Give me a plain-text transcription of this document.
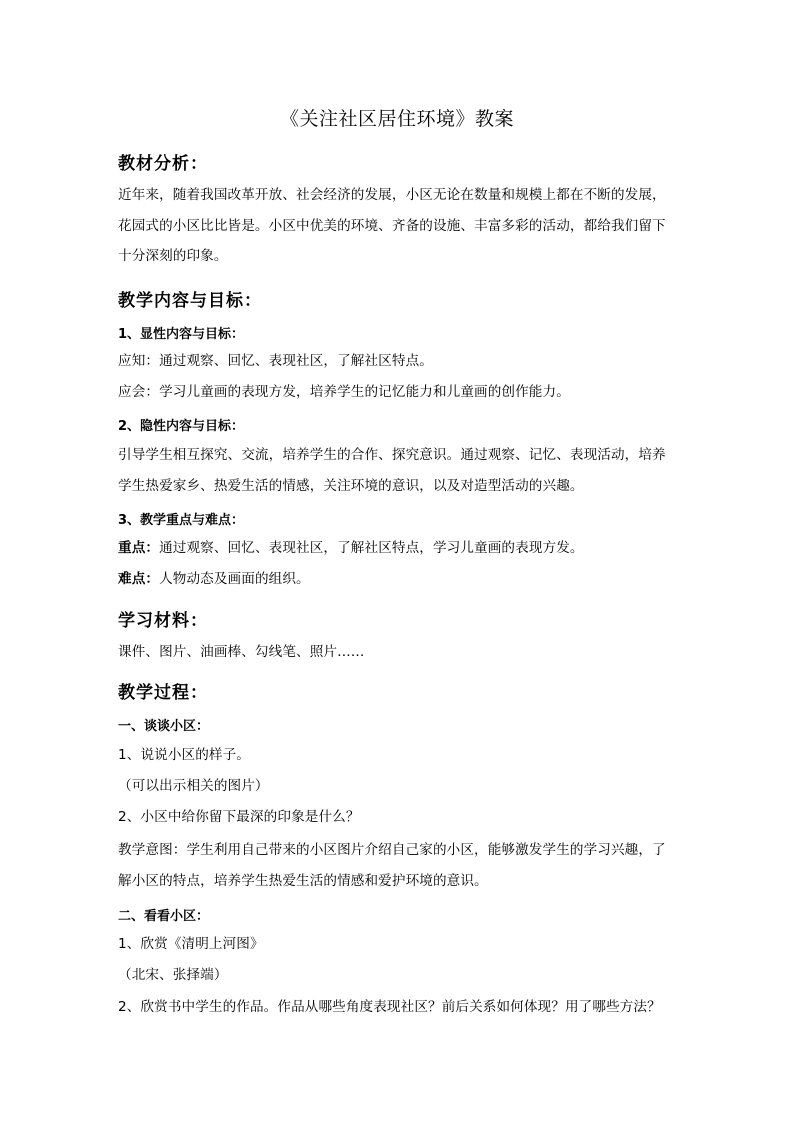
《关注社区居住环境》教案
教材分析：
近年来，随着我国改革开放、社会经济的发展，小区无论在数量和规模上都在不断的发展，花园式的小区比比皆是。小区中优美的环境、齐备的设施、丰富多彩的活动，都给我们留下十分深刻的印象。
教学内容与目标：
1、显性内容与目标：
应知：通过观察、回忆、表现社区，了解社区特点。
应会：学习儿童画的表现方发，培养学生的记忆能力和儿童画的创作能力。
2、隐性内容与目标：
引导学生相互探究、交流，培养学生的合作、探究意识。通过观察、记忆、表现活动，培养学生热爱家乡、热爱生活的情感，关注环境的意识，以及对造型活动的兴趣。
3、教学重点与难点：
重点：通过观察、回忆、表现社区，了解社区特点，学习儿童画的表现方发。
难点：人物动态及画面的组织。
学习材料：
课件、图片、油画棒、勾线笔、照片……
教学过程：
一、谈谈小区：
1、说说小区的样子。
（可以出示相关的图片）
2、小区中给你留下最深的印象是什么？
教学意图：学生利用自己带来的小区图片介绍自己家的小区，能够激发学生的学习兴趣，了解小区的特点，培养学生热爱生活的情感和爱护环境的意识。
二、看看小区：
1、欣赏《清明上河图》
（北宋、张择端）
2、欣赏书中学生的作品。作品从哪些角度表现社区？前后关系如何体现？用了哪些方法？
